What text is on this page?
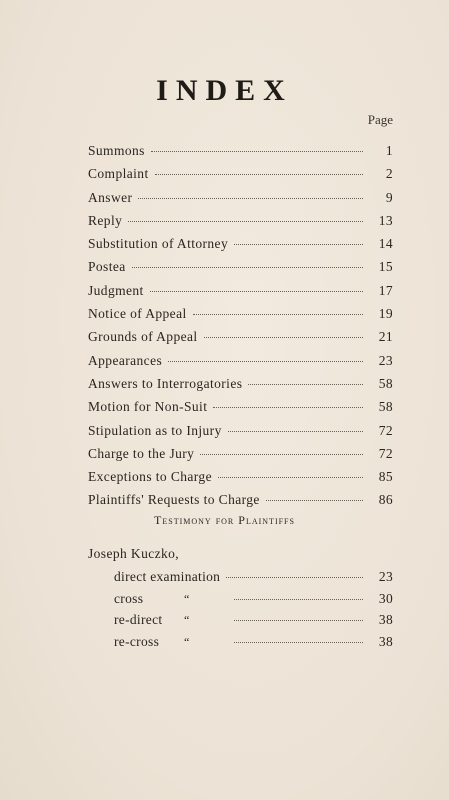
INDEX
Page
Summons	1
Complaint	2
Answer	9
Reply	13
Substitution of Attorney	14
Postea	15
Judgment	17
Notice of Appeal	19
Grounds of Appeal	21
Appearances	23
Answers to Interrogatories	58
Motion for Non-Suit	58
Stipulation as to Injury	72
Charge to the Jury	72
Exceptions to Charge	85
Plaintiffs' Requests to Charge	86
Testimony for Plaintiffs
Joseph Kuczko,
direct examination	23
cross	“	30
re-direct	“	38
re-cross	“	38
